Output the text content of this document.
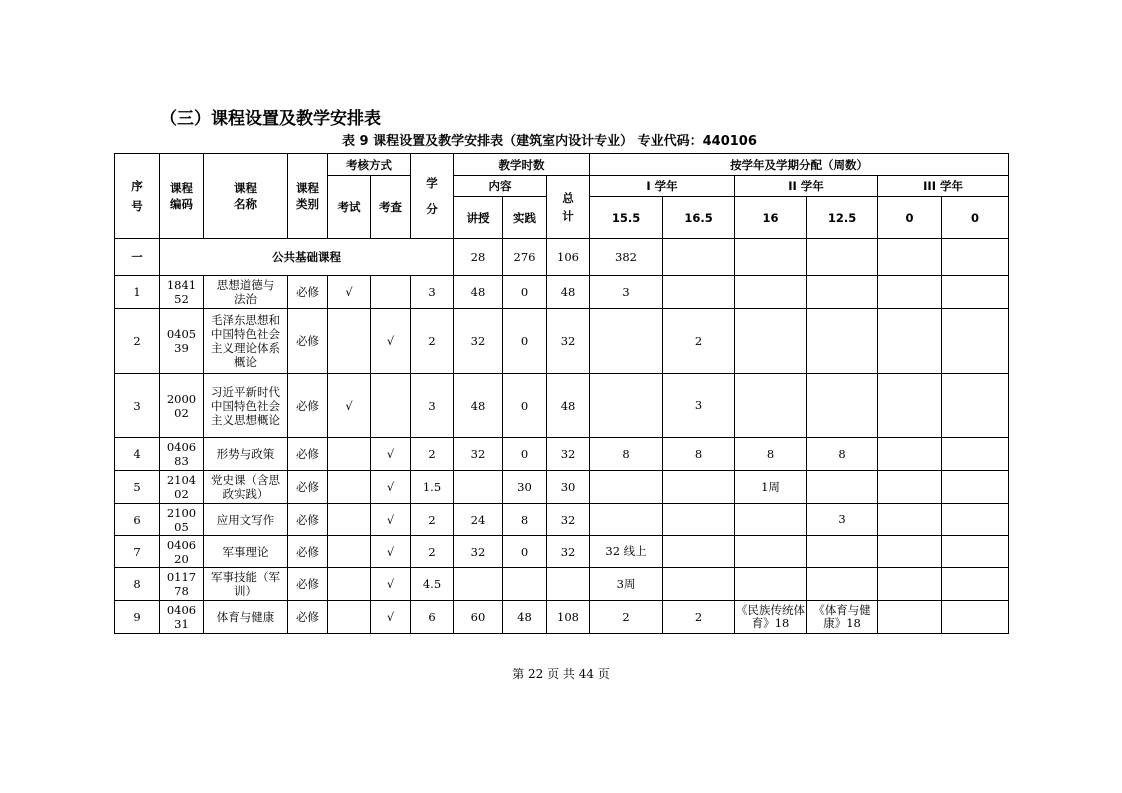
（三）课程设置及教学安排表
表 9 课程设置及教学安排表（建筑室内设计专业） 专业代码：440106
序号	课程编码	课程名称	课程类别	考核方式		学分	教学时数			按学年及学期分配（周数）						
				考试	考查		内容		总计	I 学年		II 学年		III 学年		
							讲授	实践		15.5	16.5	16	12.5	0	0	
一	公共基础课程						28	276	106	382						
1	184152	思想道德与法治	必修	√		3	48	0	48	3						
2	040539	毛泽东思想和中国特色社会主义理论体系概论	必修		√	2	32	0	32		2					
3	200002	习近平新时代中国特色社会主义思想概论	必修	√		3	48	0	48		3					
4	040683	形势与政策	必修		√	2	32	0	32	8	8	8	8			
5	210402	党史课（含思政实践）	必修		√	1.5		30	30			1周				
6	210005	应用文写作	必修		√	2	24	8	32				3			
7	040620	军事理论	必修		√	2	32	0	32	32 线上						
8	011778	军事技能（军训）	必修		√	4.5				3周						
9	040631	体育与健康	必修		√	6	60	48	108	2	2	《民族传统体育》18	《体育与健康》18			
第 22 页 共 44 页
